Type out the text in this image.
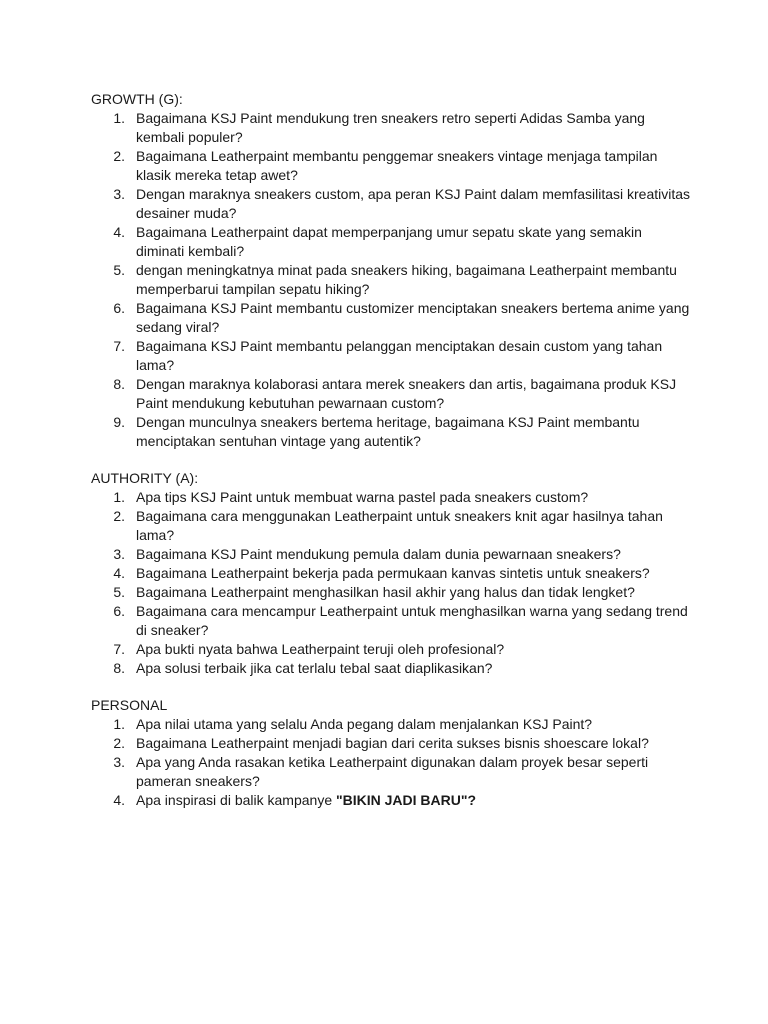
GROWTH (G):

1. Bagaimana KSJ Paint mendukung tren sneakers retro seperti Adidas Samba yang kembali populer?
2. Bagaimana Leatherpaint membantu penggemar sneakers vintage menjaga tampilan klasik mereka tetap awet?
3. Dengan maraknya sneakers custom, apa peran KSJ Paint dalam memfasilitasi kreativitas desainer muda?
4. Bagaimana Leatherpaint dapat memperpanjang umur sepatu skate yang semakin diminati kembali?
5. dengan meningkatnya minat pada sneakers hiking, bagaimana Leatherpaint membantu memperbarui tampilan sepatu hiking?
6. Bagaimana KSJ Paint membantu customizer menciptakan sneakers bertema anime yang sedang viral?
7. Bagaimana KSJ Paint membantu pelanggan menciptakan desain custom yang tahan lama?
8. Dengan maraknya kolaborasi antara merek sneakers dan artis, bagaimana produk KSJ Paint mendukung kebutuhan pewarnaan custom?
9. Dengan munculnya sneakers bertema heritage, bagaimana KSJ Paint membantu menciptakan sentuhan vintage yang autentik?

AUTHORITY (A):

1. Apa tips KSJ Paint untuk membuat warna pastel pada sneakers custom?
2. Bagaimana cara menggunakan Leatherpaint untuk sneakers knit agar hasilnya tahan lama?
3. Bagaimana KSJ Paint mendukung pemula dalam dunia pewarnaan sneakers?
4. Bagaimana Leatherpaint bekerja pada permukaan kanvas sintetis untuk sneakers?
5. Bagaimana Leatherpaint menghasilkan hasil akhir yang halus dan tidak lengket?
6. Bagaimana cara mencampur Leatherpaint untuk menghasilkan warna yang sedang trend di sneaker?
7. Apa bukti nyata bahwa Leatherpaint teruji oleh profesional?
8. Apa solusi terbaik jika cat terlalu tebal saat diaplikasikan?

PERSONAL

1. Apa nilai utama yang selalu Anda pegang dalam menjalankan KSJ Paint?
2. Bagaimana Leatherpaint menjadi bagian dari cerita sukses bisnis shoescare lokal?
3. Apa yang Anda rasakan ketika Leatherpaint digunakan dalam proyek besar seperti pameran sneakers?
4. Apa inspirasi di balik kampanye "BIKIN JADI BARU"?
